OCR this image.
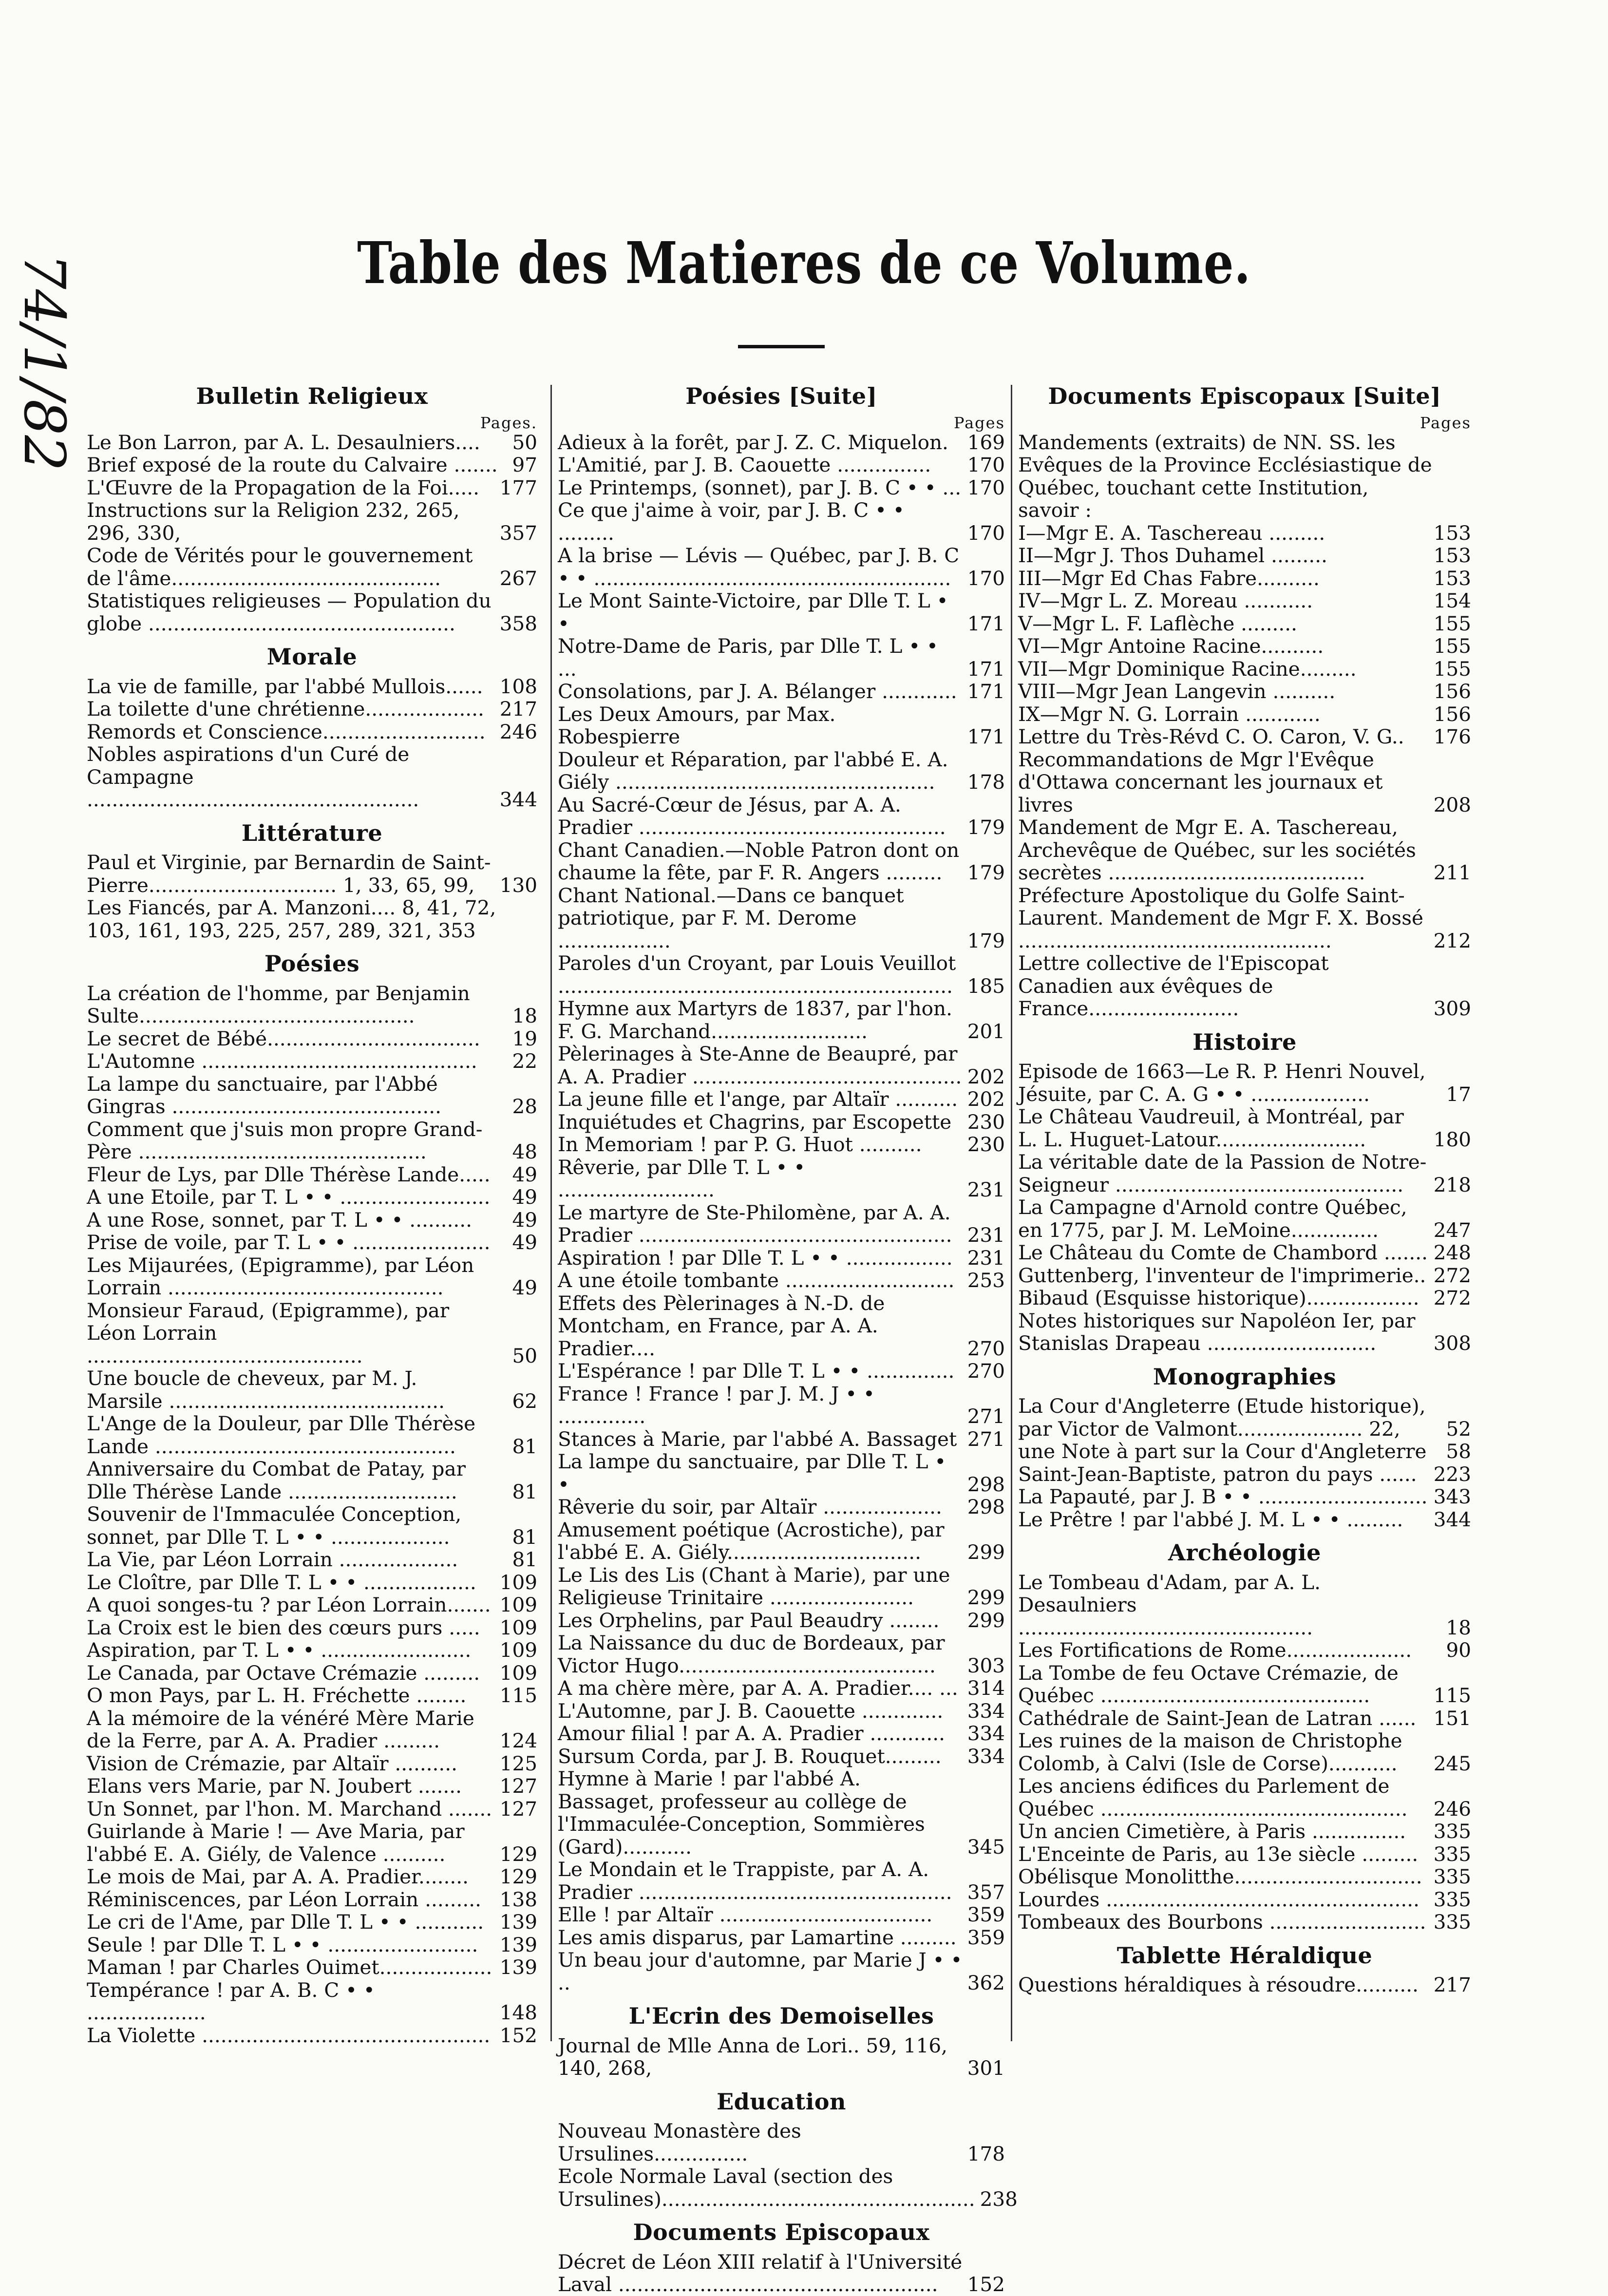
Table des Matieres de ce Volume.
74/1/82	Bulletin Religieux
Pages.
Le Bon Larron, par A. L. Desaulniers....	50
Brief exposé de la route du Calvaire ....... 97
L'Œuvre de la Propagation de la Foi.....	177
Instructions sur la Religion 232, 265, 296, 330,	357
Code de Vérités pour le gouvernement de l'âme...........................................	267
Statistiques religieuses — Population du globe .................................................	358
Morale
La vie de famille, par l'abbé Mullois...... 108
La toilette d'une chrétienne................... 217
Remords et Conscience.......................... 246
Nobles aspirations d'un Curé de Campagne .....................................................	344
Littérature
Paul et Virginie, par Bernardin de Saint-Pierre.............................. 1, 33, 65, 99,	130
Les Fiancés, par A. Manzoni.... 8, 41, 72, 103, 161, 193, 225, 257, 289, 321, 353
Poésies
La création de l'homme, par Benjamin Sulte............................................	18
Le secret de Bébé..................................	19
L'Automne ............................................	22
La lampe du sanctuaire, par l'Abbé Gingras ...........................................	28
Comment que j'suis mon propre Grand-Père ..............................................	48
Fleur de Lys, par Dlle Thérèse Lande.....	49
A une Etoile, par T. L • • ........................	49
A une Rose, sonnet, par T. L • • ..........	49
Prise de voile, par T. L • • ......................	49
Les Mijaurées, (Epigramme), par Léon Lorrain ............................................	49
Monsieur Faraud, (Epigramme), par Léon Lorrain ............................................	50
Une boucle de cheveux, par M. J. Marsile ............................................	62
L'Ange de la Douleur, par Dlle Thérèse Lande ................................................	81
Anniversaire du Combat de Patay, par Dlle Thérèse Lande ...........................	81
Souvenir de l'Immaculée Conception, sonnet, par Dlle T. L • • ...................	81
La Vie, par Léon Lorrain ...................	81
Le Cloître, par Dlle T. L • • ..................	109
A quoi songes-tu ? par Léon Lorrain....... 109
La Croix est le bien des cœurs purs ..... 109
Aspiration, par T. L • • ........................	109
Le Canada, par Octave Crémazie .........	109
O mon Pays, par L. H. Fréchette ........	115
A la mémoire de la vénéré Mère Marie de la Ferre, par A. A. Pradier .........	124
Vision de Crémazie, par Altaïr ..........	125
Elans vers Marie, par N. Joubert .......	127
Un Sonnet, par l'hon. M. Marchand ....... 127
Guirlande à Marie ! — Ave Maria, par l'abbé E. A. Giély, de Valence ..........	129
Le mois de Mai, par A. A. Pradier........	129
Réminiscences, par Léon Lorrain ......... 138
Le cri de l'Ame, par Dlle T. L • • ........... 139
Seule ! par Dlle T. L • • ........................	139
Maman ! par Charles Ouimet.................. 139
Tempérance ! par A. B. C • • ...................	148
La Violette .............................................. 152
Poésies [Suite]
Pages
Adieux à la forêt, par J. Z. C. Miquelon. 169
L'Amitié, par J. B. Caouette ...............	170
Le Printemps, (sonnet), par J. B. C • • ... 170
Ce que j'aime à voir, par J. B. C • • .........	170
A la brise — Lévis — Québec, par J. B. C • • ......................................................... 170
Le Mont Sainte-Victoire, par Dlle T. L • •	171
Notre-Dame de Paris, par Dlle T. L • • ...	171
Consolations, par J. A. Bélanger ............ 171
Les Deux Amours, par Max. Robespierre	171
Douleur et Réparation, par l'abbé E. A. Giély ...................................................	178
Au Sacré-Cœur de Jésus, par A. A. Pradier .................................................	179
Chant Canadien.—Noble Patron dont on chaume la fête, par F. R. Angers .........	179
Chant National.—Dans ce banquet patriotique, par F. M. Derome ..................	179
Paroles d'un Croyant, par Louis Veuillot ............................................................... 185
Hymne aux Martyrs de 1837, par l'hon. F. G. Marchand.........................	201
Pèlerinages à Ste-Anne de Beaupré, par A. A. Pradier ........................................... 202
La jeune fille et l'ange, par Altaïr .......... 202
Inquiétudes et Chagrins, par Escopette 230
In Memoriam ! par P. G. Huot ..........	230
Rêverie, par Dlle T. L • • .........................	231
Le martyre de Ste-Philomène, par A. A. Pradier .................................................. 231
Aspiration ! par Dlle T. L • • ................. 231
A une étoile tombante ........................... 253
Effets des Pèlerinages à N.-D. de Montcham, en France, par A. A. Pradier....	270
L'Espérance ! par Dlle T. L • • .............. 270
France ! France ! par J. M. J • • ..............	271
Stances à Marie, par l'abbé A. Bassaget 271
La lampe du sanctuaire, par Dlle T. L • •	298
Rêverie du soir, par Altaïr ...................	298
Amusement poétique (Acrostiche), par l'abbé E. A. Giély...............................	299
Le Lis des Lis (Chant à Marie), par une Religieuse Trinitaire .......................	299
Les Orphelins, par Paul Beaudry ........	299
La Naissance du duc de Bordeaux, par Victor Hugo.........................................	303
A ma chère mère, par A. A. Pradier.... ... 314
L'Automne, par J. B. Caouette .............	334
Amour filial ! par A. A. Pradier ............	334
Sursum Corda, par J. B. Rouquet.........	334
Hymne à Marie ! par l'abbé A. Bassaget, professeur au collège de l'Immaculée-Conception, Sommières (Gard)...........	345
Le Mondain et le Trappiste, par A. A. Pradier .................................................. 357
Elle ! par Altaïr ..................................	359
Les amis disparus, par Lamartine ......... 359
Un beau jour d'automne, par Marie J • • ..	362
L'Ecrin des Demoiselles
Journal de Mlle Anna de Lori.. 59, 116, 140, 268,	301
Education
Nouveau Monastère des Ursulines...............	178
Ecole Normale Laval (section des Ursulines).................................................. 238
Documents Episcopaux
Décret de Léon XIII relatif à l'Université Laval ...................................................	152
Documents Episcopaux [Suite]
Pages
Mandements (extraits) de NN. SS. les Evêques de la Province Ecclésiastique de Québec, touchant cette Institution, savoir :
I—Mgr E. A. Taschereau .........	153
II—Mgr J. Thos Duhamel .........	153
III—Mgr Ed Chas Fabre..........	153
IV—Mgr L. Z. Moreau ...........	154
V—Mgr L. F. Laflèche .........	155
VI—Mgr Antoine Racine..........	155
VII—Mgr Dominique Racine.........	155
VIII—Mgr Jean Langevin ..........	156
IX—Mgr N. G. Lorrain ............	156
Lettre du Très-Révd C. O. Caron, V. G..	176
Recommandations de Mgr l'Evêque d'Ottawa concernant les journaux et livres	208
Mandement de Mgr E. A. Taschereau, Archevêque de Québec, sur les sociétés secrètes .........................................	211
Préfecture Apostolique du Golfe Saint-Laurent. Mandement de Mgr F. X. Bossé ..................................................	212
Lettre collective de l'Episcopat Canadien aux évêques de France........................	309
Histoire
Episode de 1663—Le R. P. Henri Nouvel, Jésuite, par C. A. G • • ...................	17
Le Château Vaudreuil, à Montréal, par L. L. Huguet-Latour........................	180
La véritable date de la Passion de Notre-Seigneur ..............................................	218
La Campagne d'Arnold contre Québec, en 1775, par J. M. LeMoine..............	247
Le Château du Comte de Chambord ....... 248
Guttenberg, l'inventeur de l'imprimerie.. 272
Bibaud (Esquisse historique).................. 272
Notes historiques sur Napoléon Ier, par Stanislas Drapeau ...........................	308
Monographies
La Cour d'Angleterre (Etude historique), par Victor de Valmont.................... 22,	52
une Note à part sur la Cour d'Angleterre 58
Saint-Jean-Baptiste, patron du pays ...... 223
La Papauté, par J. B • • ........................... 343
Le Prêtre ! par l'abbé J. M. L • • .........	344
Archéologie
Le Tombeau d'Adam, par A. L. Desaulniers ...............................................	18
Les Fortifications de Rome....................	90
La Tombe de feu Octave Crémazie, de Québec ...........................................	115
Cathédrale de Saint-Jean de Latran ...... 151
Les ruines de la maison de Christophe Colomb, à Calvi (Isle de Corse)...........	245
Les anciens édifices du Parlement de Québec .................................................	246
Un ancien Cimetière, à Paris ...............	335
L'Enceinte de Paris, au 13e siècle ......... 335
Obélisque Monolitthe.............................. 335
Lourdes .................................................. 335
Tombeaux des Bourbons ......................... 335
Tablette Héraldique
Questions héraldiques à résoudre.......... 217
